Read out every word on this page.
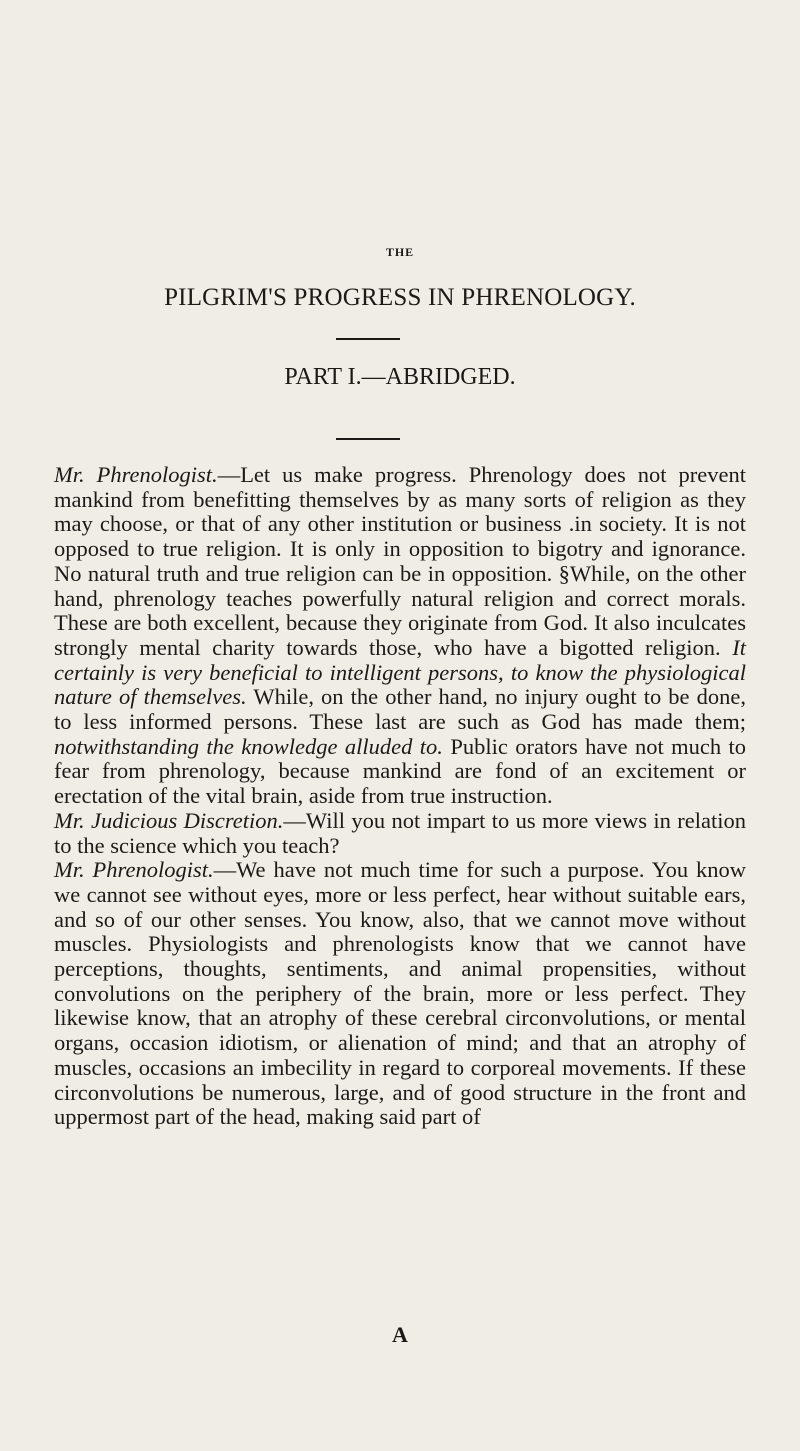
THE
PILGRIM'S PROGRESS IN PHRENOLOGY.
PART I.—ABRIDGED.

Mr. Phrenologist.—Let us make progress. Phrenology does not prevent mankind from benefitting themselves by as many sorts of religion as they may choose, or that of any other institution or business .in society. It is not opposed to true religion. It is only in opposition to bigotry and ignorance. No natural truth and true religion can be in opposition. §While, on the other hand, phrenology teaches powerfully natural religion and correct morals. These are both excellent, because they originate from God. It also inculcates strongly mental charity towards those, who have a bigotted religion. It certainly is very beneficial to intelligent persons, to know the physiological nature of themselves. While, on the other hand, no injury ought to be done, to less informed persons. These last are such as God has made them; notwithstanding the knowledge alluded to. Public orators have not much to fear from phrenology, because mankind are fond of an excitement or erectation of the vital brain, aside from true instruction.

Mr. Judicious Discretion.—Will you not impart to us more views in relation to the science which you teach?

Mr. Phrenologist.—We have not much time for such a purpose. You know we cannot see without eyes, more or less perfect, hear without suitable ears, and so of our other senses. You know, also, that we cannot move without muscles. Physiologists and phrenologists know that we cannot have perceptions, thoughts, sentiments, and animal propensities, without convolutions on the periphery of the brain, more or less perfect. They likewise know, that an atrophy of these cerebral circonvolutions, or mental organs, occasion idiotism, or alienation of mind; and that an atrophy of muscles, occasions an imbecility in regard to corporeal movements. If these circonvolutions be numerous, large, and of good structure in the front and uppermost part of the head, making said part of

A
